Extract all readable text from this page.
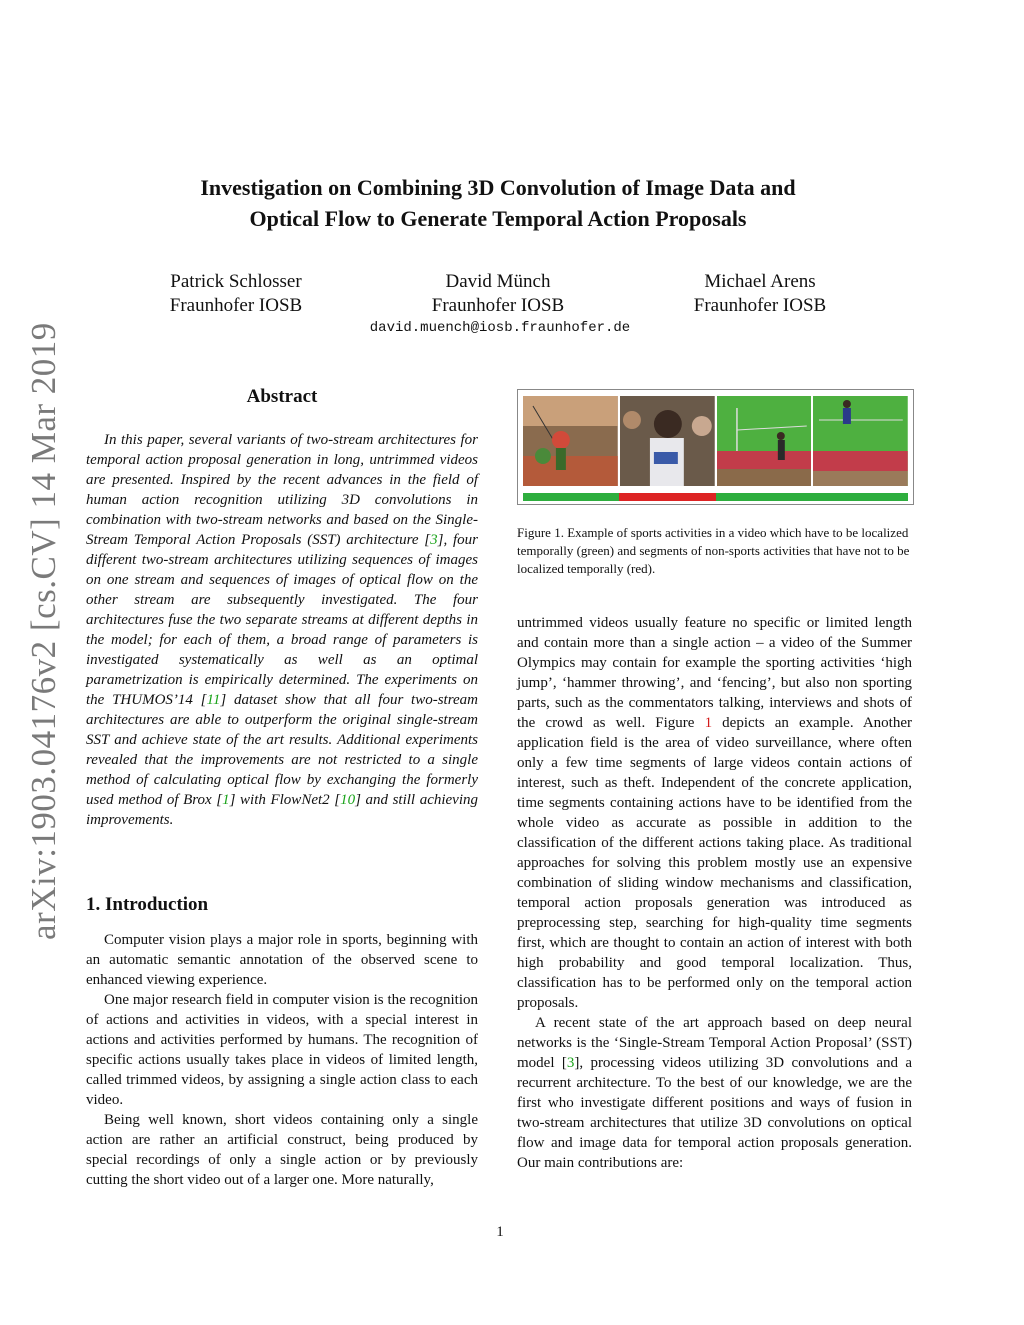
arXiv:1903.04176v2 [cs.CV] 14 Mar 2019
Investigation on Combining 3D Convolution of Image Data and
Optical Flow to Generate Temporal Action Proposals
Patrick Schlosser
Fraunhofer IOSB
David Münch
Fraunhofer IOSB
Michael Arens
Fraunhofer IOSB
david.muench@iosb.fraunhofer.de
Abstract

In this paper, several variants of two-stream architectures for temporal action proposal generation in long, untrimmed videos are presented. Inspired by the recent advances in the field of human action recognition utilizing 3D convolutions in combination with two-stream networks and based on the Single-Stream Temporal Action Proposals (SST) architecture [3], four different two-stream architectures utilizing sequences of images on one stream and sequences of images of optical flow on the other stream are subsequently investigated. The four architectures fuse the two separate streams at different depths in the model; for each of them, a broad range of parameters is investigated systematically as well as an optimal parametrization is empirically determined. The experiments on the THUMOS’14 [11] dataset show that all four two-stream architectures are able to outperform the original single-stream SST and achieve state of the art results. Additional experiments revealed that the improvements are not restricted to a single method of calculating optical flow by exchanging the formerly used method of Brox [1] with FlowNet2 [10] and still achieving improvements.

1. Introduction

Computer vision plays a major role in sports, beginning with an automatic semantic annotation of the observed scene to enhanced viewing experience.

One major research field in computer vision is the recognition of actions and activities in videos, with a special interest in actions and activities performed by humans. The recognition of specific actions usually takes place in videos of limited length, called trimmed videos, by assigning a single action class to each video.

Being well known, short videos containing only a single action are rather an artificial construct, being produced by special recordings of only a single action or by previously cutting the short video out of a larger one. More naturally,

Figure 1. Example of sports activities in a video which have to be localized temporally (green) and segments of non-sports activities that have not to be localized temporally (red).

untrimmed videos usually feature no specific or limited length and contain more than a single action – a video of the Summer Olympics may contain for example the sporting activities ‘high jump’, ‘hammer throwing’, and ‘fencing’, but also non sporting parts, such as the commentators talking, interviews and shots of the crowd as well. Figure 1 depicts an example. Another application field is the area of video surveillance, where often only a few time segments of large videos contain actions of interest, such as theft. Independent of the concrete application, time segments containing actions have to be identified from the whole video as accurate as possible in addition to the classification of the different actions taking place. As traditional approaches for solving this problem mostly use an expensive combination of sliding window mechanisms and classification, temporal action proposals generation was introduced as preprocessing step, searching for high-quality time segments first, which are thought to contain an action of interest with both high probability and good temporal localization. Thus, classification has to be performed only on the temporal action proposals.

A recent state of the art approach based on deep neural networks is the ‘Single-Stream Temporal Action Proposal’ (SST) model [3], processing videos utilizing 3D convolutions and a recurrent architecture. To the best of our knowledge, we are the first who investigate different positions and ways of fusion in two-stream architectures that utilize 3D convolutions on optical flow and image data for temporal action proposals generation. Our main contributions are:

1
